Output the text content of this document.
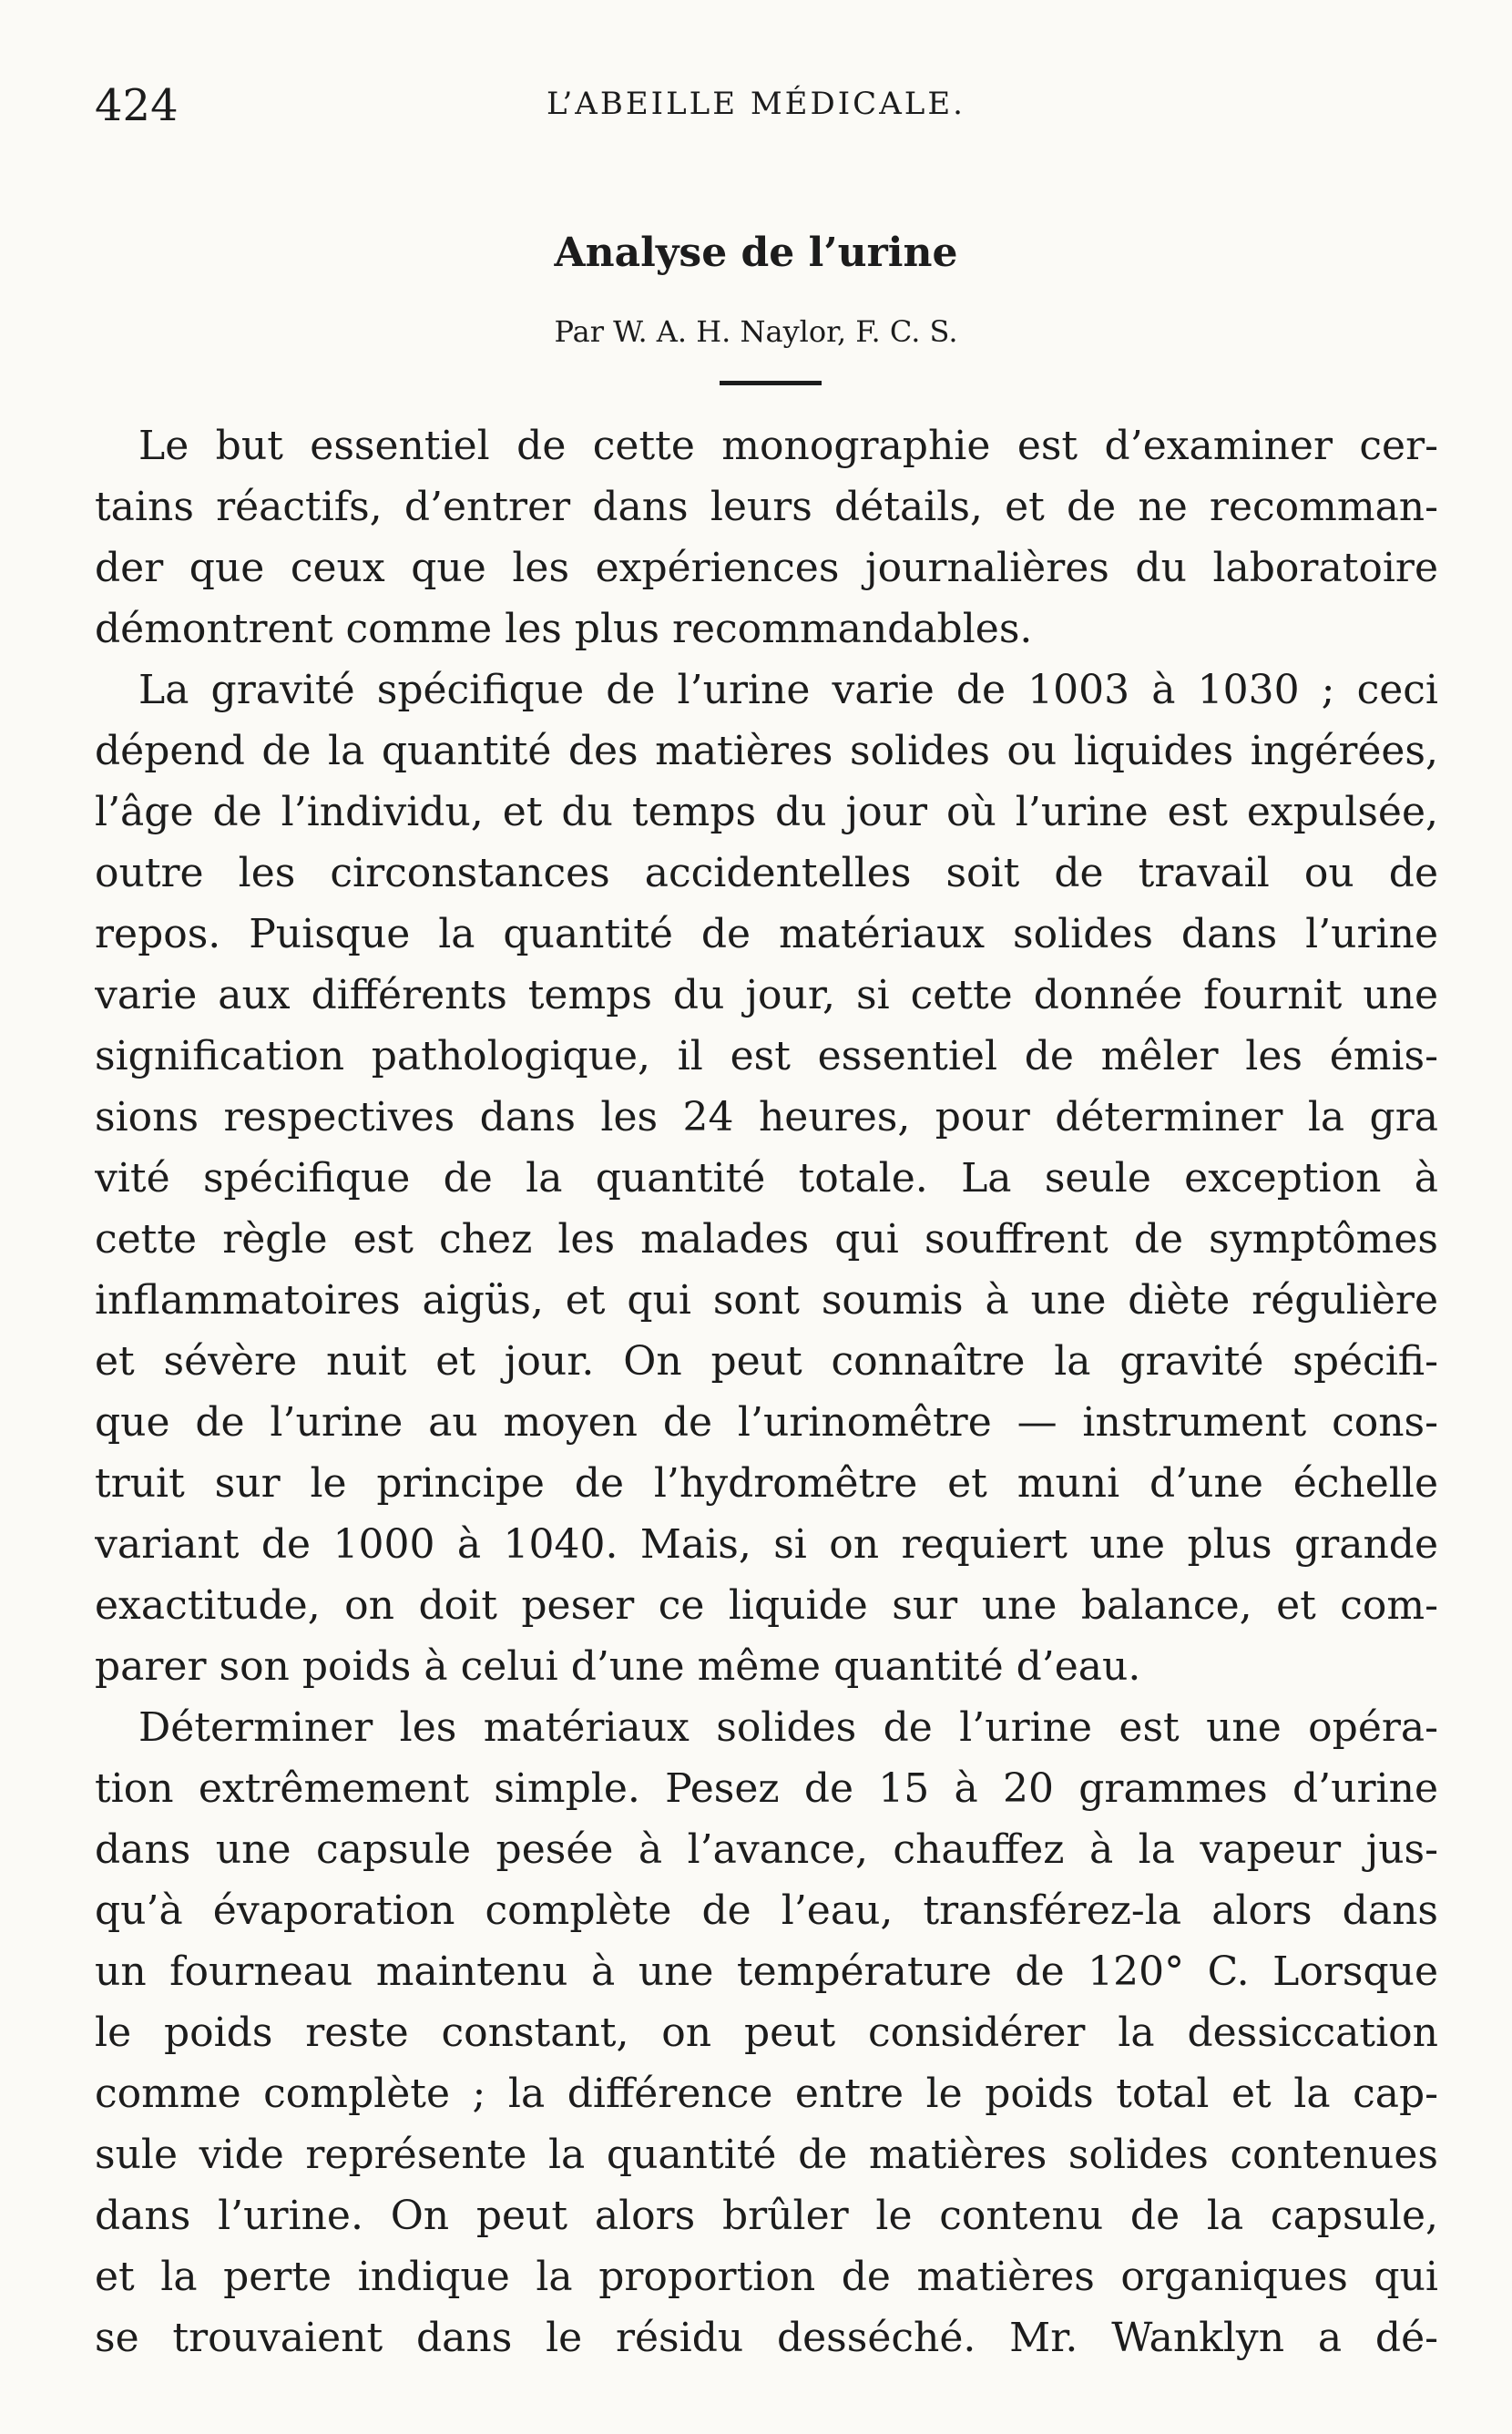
424	L’ABEILLE MÉDICALE.
Analyse de l’urine
Par W. A. H. Naylor, F. C. S.
Le but essentiel de cette monographie est d’examiner cer-
tains réactifs, d’entrer dans leurs détails, et de ne recomman-
der que ceux que les expériences journalières du laboratoire
démontrent comme les plus recommandables.
La gravité spécifique de l’urine varie de 1003 à 1030 ; ceci
dépend de la quantité des matières solides ou liquides ingérées,
l’âge de l’individu, et du temps du jour où l’urine est expulsée,
outre les circonstances accidentelles soit de travail ou de
repos. Puisque la quantité de matériaux solides dans l’urine
varie aux différents temps du jour, si cette donnée fournit une
signification pathologique, il est essentiel de mêler les émis-
sions respectives dans les 24 heures, pour déterminer la gra
vité spécifique de la quantité totale. La seule exception à
cette règle est chez les malades qui souffrent de symptômes
inflammatoires aigüs, et qui sont soumis à une diète régulière
et sévère nuit et jour. On peut connaître la gravité spécifi-
que de l’urine au moyen de l’urinomêtre — instrument cons-
truit sur le principe de l’hydromêtre et muni d’une échelle
variant de 1000 à 1040. Mais, si on requiert une plus grande
exactitude, on doit peser ce liquide sur une balance, et com-
parer son poids à celui d’une même quantité d’eau.
Déterminer les matériaux solides de l’urine est une opéra-
tion extrêmement simple. Pesez de 15 à 20 grammes d’urine
dans une capsule pesée à l’avance, chauffez à la vapeur jus-
qu’à évaporation complète de l’eau, transférez-la alors dans
un fourneau maintenu à une température de 120° C. Lorsque
le poids reste constant, on peut considérer la dessiccation
comme complète ; la différence entre le poids total et la cap-
sule vide représente la quantité de matières solides contenues
dans l’urine. On peut alors brûler le contenu de la capsule,
et la perte indique la proportion de matières organiques qui
se trouvaient dans le résidu desséché. Mr. Wanklyn a dé-
